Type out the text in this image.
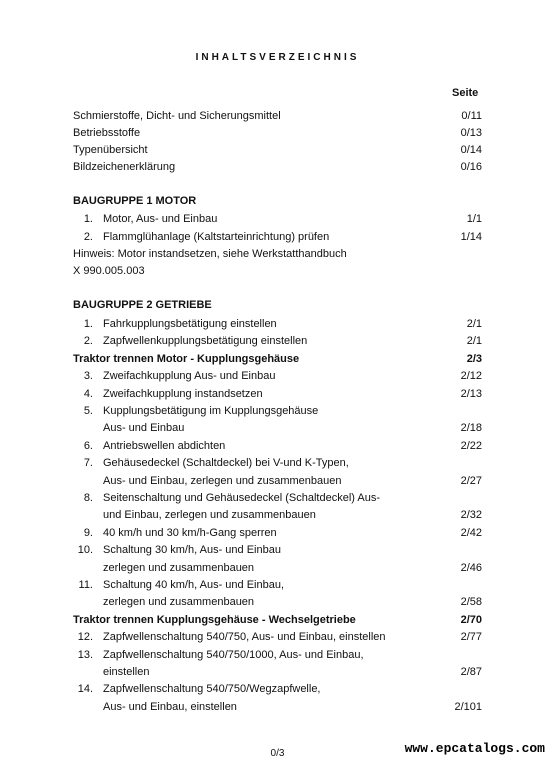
INHALTSVERZEICHNIS
Seite
Schmierstoffe, Dicht- und Sicherungsmittel	0/11
Betriebsstoffe	0/13
Typenübersicht	0/14
Bildzeichenerklärung	0/16
BAUGRUPPE 1 MOTOR
1. Motor, Aus- und Einbau	1/1
2. Flammglühanlage (Kaltstarteinrichtung) prüfen	1/14
Hinweis: Motor instandsetzen, siehe Werkstatthandbuch
X 990.005.003
BAUGRUPPE 2 GETRIEBE
1. Fahrkupplungsbetätigung einstellen	2/1
2. Zapfwellenkupplungsbetätigung einstellen	2/1
Traktor trennen Motor - Kupplungsgehäuse	2/3
3. Zweifachkupplung Aus- und Einbau	2/12
4. Zweifachkupplung instandsetzen	2/13
5. Kupplungsbetätigung im Kupplungsgehäuse
Aus- und Einbau	2/18
6. Antriebswellen abdichten	2/22
7. Gehäusedeckel (Schaltdeckel) bei V-und K-Typen,
Aus- und Einbau, zerlegen und zusammenbauen	2/27
8. Seitenschaltung und Gehäusedeckel (Schaltdeckel) Aus-
und Einbau, zerlegen und zusammenbauen	2/32
9. 40 km/h und 30 km/h-Gang sperren	2/42
10. Schaltung 30 km/h, Aus- und Einbau
zerlegen und zusammenbauen	2/46
11. Schaltung 40 km/h, Aus- und Einbau,
zerlegen und zusammenbauen	2/58
Traktor trennen Kupplungsgehäuse - Wechselgetriebe	2/70
12. Zapfwellenschaltung 540/750, Aus- und Einbau, einstellen	2/77
13. Zapfwellenschaltung 540/750/1000, Aus- und Einbau,
einstellen	2/87
14. Zapfwellenschaltung 540/750/Wegzapfwelle,
Aus- und Einbau, einstellen	2/101
0/3	www.epcatalogs.com
